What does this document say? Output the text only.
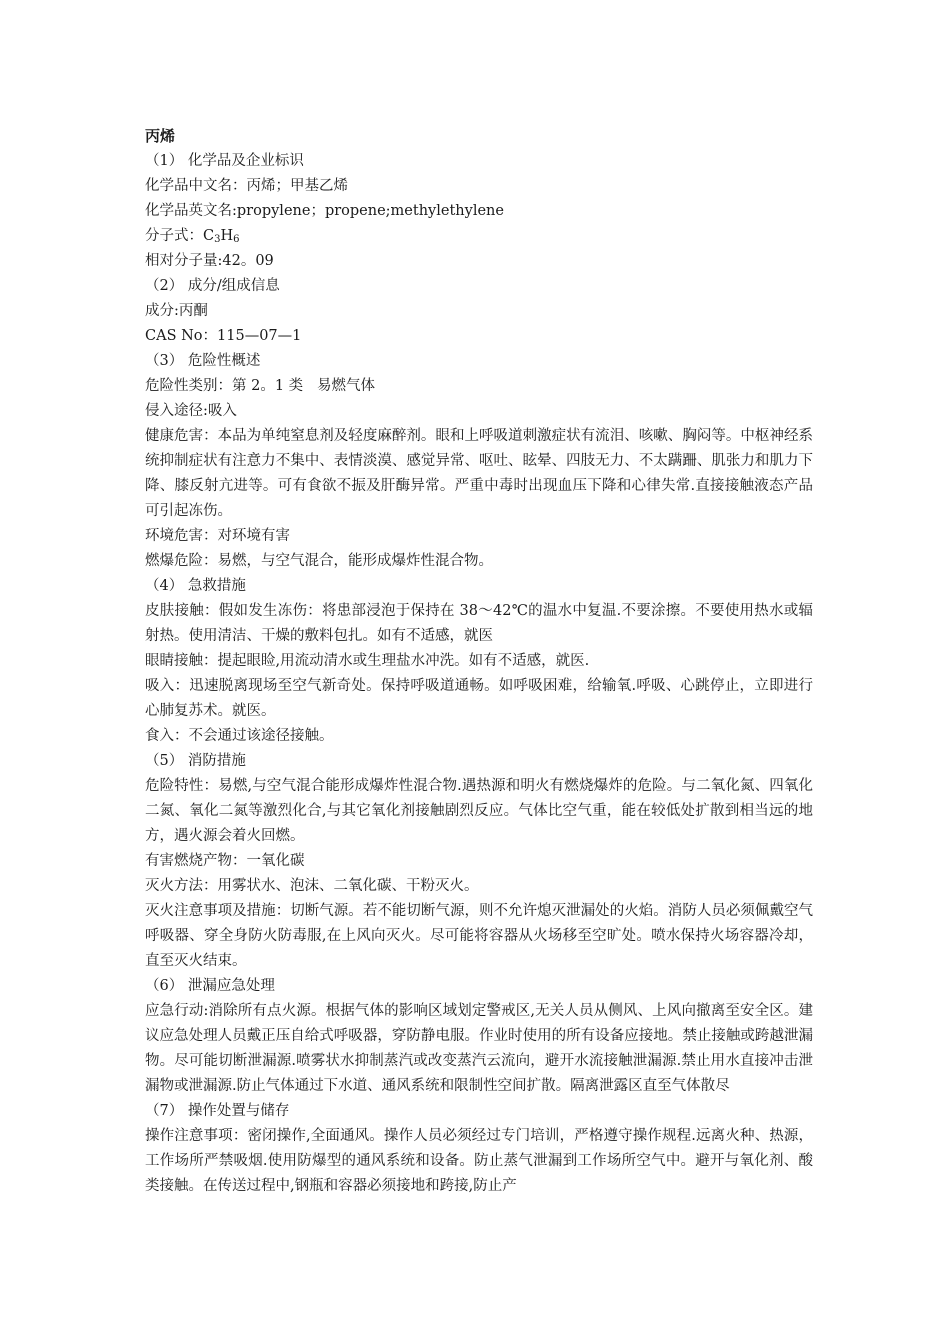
丙烯

（1） 化学品及企业标识

化学品中文名：丙烯；甲基乙烯

化学品英文名:propylene；propene;methylethylene

分子式：$C_3H_6$

相对分子量:42。09

（2） 成分/组成信息

成分:丙酮

CAS No：115—07—1

（3） 危险性概述

危险性类别：第 2。1 类   易燃气体

侵入途径:吸入

健康危害：本品为单纯窒息剂及轻度麻醉剂。眼和上呼吸道刺激症状有流泪、咳嗽、胸闷等。中枢神经系统抑制症状有注意力不集中、表情淡漠、感觉异常、呕吐、眩晕、四肢无力、不太蹒跚、肌张力和肌力下降、膝反射亢进等。可有食欲不振及肝酶异常。严重中毒时出现血压下降和心律失常.直接接触液态产品可引起冻伤。

环境危害：对环境有害

燃爆危险：易燃，与空气混合，能形成爆炸性混合物。

（4） 急救措施

皮肤接触：假如发生冻伤：将患部浸泡于保持在 38～42℃的温水中复温.不要涂擦。不要使用热水或辐射热。使用清洁、干燥的敷料包扎。如有不适感，就医

眼睛接触：提起眼睑,用流动清水或生理盐水冲洗。如有不适感，就医.

吸入：迅速脱离现场至空气新奇处。保持呼吸道通畅。如呼吸困难，给输氧.呼吸、心跳停止，立即进行心肺复苏术。就医。

食入：不会通过该途径接触。

（5） 消防措施

危险特性：易燃,与空气混合能形成爆炸性混合物.遇热源和明火有燃烧爆炸的危险。与二氧化氮、四氧化二氮、氧化二氮等激烈化合,与其它氧化剂接触剧烈反应。气体比空气重，能在较低处扩散到相当远的地方，遇火源会着火回燃。

有害燃烧产物：一氧化碳

灭火方法：用雾状水、泡沫、二氧化碳、干粉灭火。

灭火注意事项及措施：切断气源。若不能切断气源，则不允许熄灭泄漏处的火焰。消防人员必须佩戴空气呼吸器、穿全身防火防毒服,在上风向灭火。尽可能将容器从火场移至空旷处。喷水保持火场容器冷却，直至灭火结束。

（6） 泄漏应急处理

应急行动:消除所有点火源。根据气体的影响区域划定警戒区,无关人员从侧风、上风向撤离至安全区。建议应急处理人员戴正压自给式呼吸器，穿防静电服。作业时使用的所有设备应接地。禁止接触或跨越泄漏物。尽可能切断泄漏源.喷雾状水抑制蒸汽或改变蒸汽云流向，避开水流接触泄漏源.禁止用水直接冲击泄漏物或泄漏源.防止气体通过下水道、通风系统和限制性空间扩散。隔离泄露区直至气体散尽

（7） 操作处置与储存

操作注意事项：密闭操作,全面通风。操作人员必须经过专门培训，严格遵守操作规程.远离火种、热源，工作场所严禁吸烟.使用防爆型的通风系统和设备。防止蒸气泄漏到工作场所空气中。避开与氧化剂、酸类接触。在传送过程中,钢瓶和容器必须接地和跨接,防止产
